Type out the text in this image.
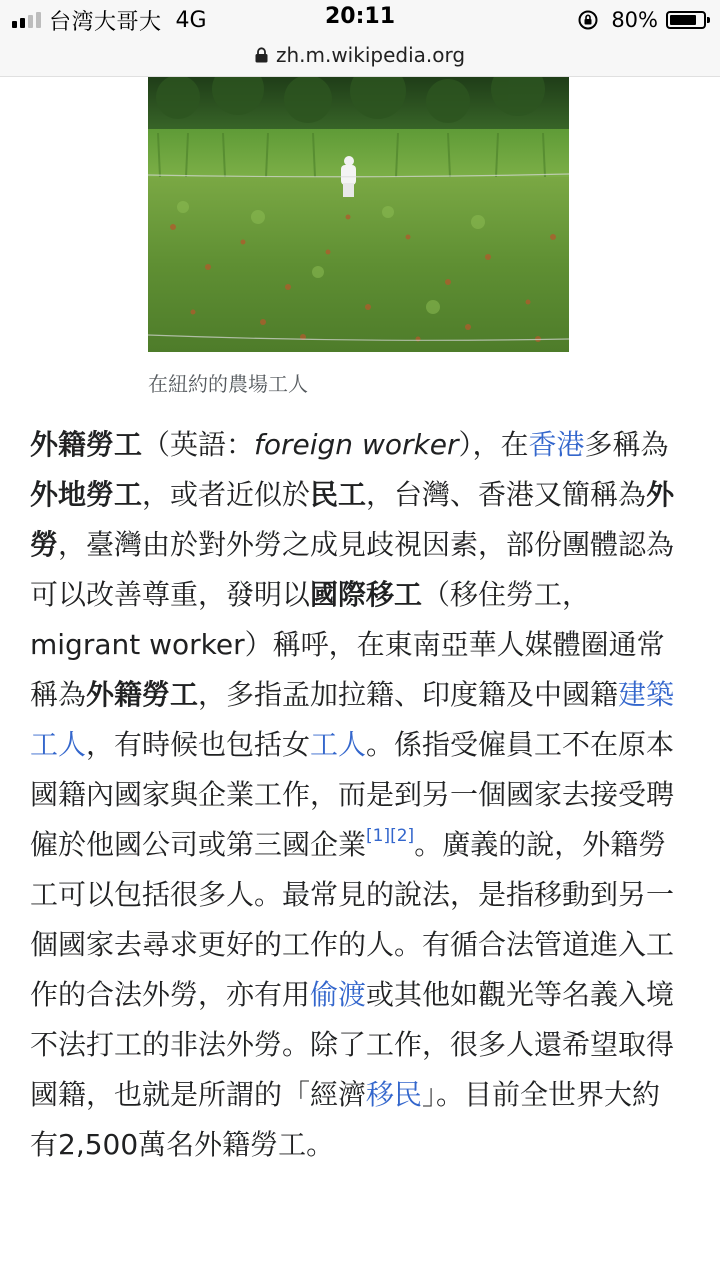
台湾大哥大 4G	20:11	80%
zh.m.wikipedia.org
在紐約的農場工人
外籍勞工（英語：foreign worker），在香港多稱為外地勞工，或者近似於民工，台灣、香港又簡稱為外勞，臺灣由於對外勞之成見歧視因素，部份團體認為可以改善尊重，發明以國際移工（移住勞工，migrant worker）稱呼，在東南亞華人媒體圈通常稱為外籍勞工，多指孟加拉籍、印度籍及中國籍建築工人，有時候也包括女工人。係指受僱員工不在原本國籍內國家與企業工作，而是到另一個國家去接受聘僱於他國公司或第三國企業[1][2]。廣義的說，外籍勞工可以包括很多人。最常見的說法，是指移動到另一個國家去尋求更好的工作的人。有循合法管道進入工作的合法外勞，亦有用偷渡或其他如觀光等名義入境不法打工的非法外勞。除了工作，很多人還希望取得國籍，也就是所謂的「經濟移民」。目前全世界大約有2,500萬名外籍勞工。
